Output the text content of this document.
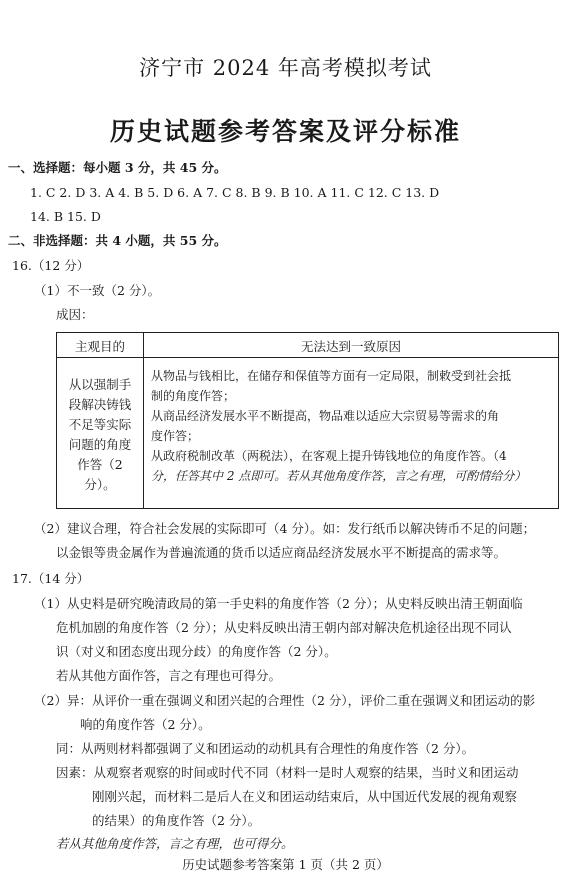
济宁市 2024 年高考模拟考试
历史试题参考答案及评分标准
一、选择题：每小题 3 分，共 45 分。
1. C 2. D 3. A 4. B 5. D 6. A 7. C 8. B 9. B 10. A 11. C 12. C 13. D
14. B 15. D
二、非选择题：共 4 小题，共 55 分。
16.（12 分）
（1）不一致（2 分）。
成因：
主观目的	无法达到一致原因
从以强制手
段解决铸钱
不足等实际
问题的角度
作答（2 分）。
从物品与钱相比，在储存和保值等方面有一定局限，制敕受到社会抵
制的角度作答；
从商品经济发展水平不断提高，物品难以适应大宗贸易等需求的角
度作答；
从政府税制改革（两税法），在客观上提升铸钱地位的角度作答。（4
分，任答其中 2 点即可。若从其他角度作答，言之有理，可酌情给分）
（2）建议合理，符合社会发展的实际即可（4 分）。如：发行纸币以解决铸币不足的问题；
以金银等贵金属作为普遍流通的货币以适应商品经济发展水平不断提高的需求等。
17.（14 分）
（1）从史料是研究晚清政局的第一手史料的角度作答（2 分）；从史料反映出清王朝面临
危机加剧的角度作答（2 分）；从史料反映出清王朝内部对解决危机途径出现不同认
识（对义和团态度出现分歧）的角度作答（2 分）。
若从其他方面作答，言之有理也可得分。
（2）异：从评价一重在强调义和团兴起的合理性（2 分），评价二重在强调义和团运动的影
响的角度作答（2 分）。
同：从两则材料都强调了义和团运动的动机具有合理性的角度作答（2 分）。
因素：从观察者观察的时间或时代不同（材料一是时人观察的结果，当时义和团运动
刚刚兴起，而材料二是后人在义和团运动结束后，从中国近代发展的视角观察
的结果）的角度作答（2 分）。
若从其他角度作答，言之有理，也可得分。
历史试题参考答案第 1 页（共 2 页）
